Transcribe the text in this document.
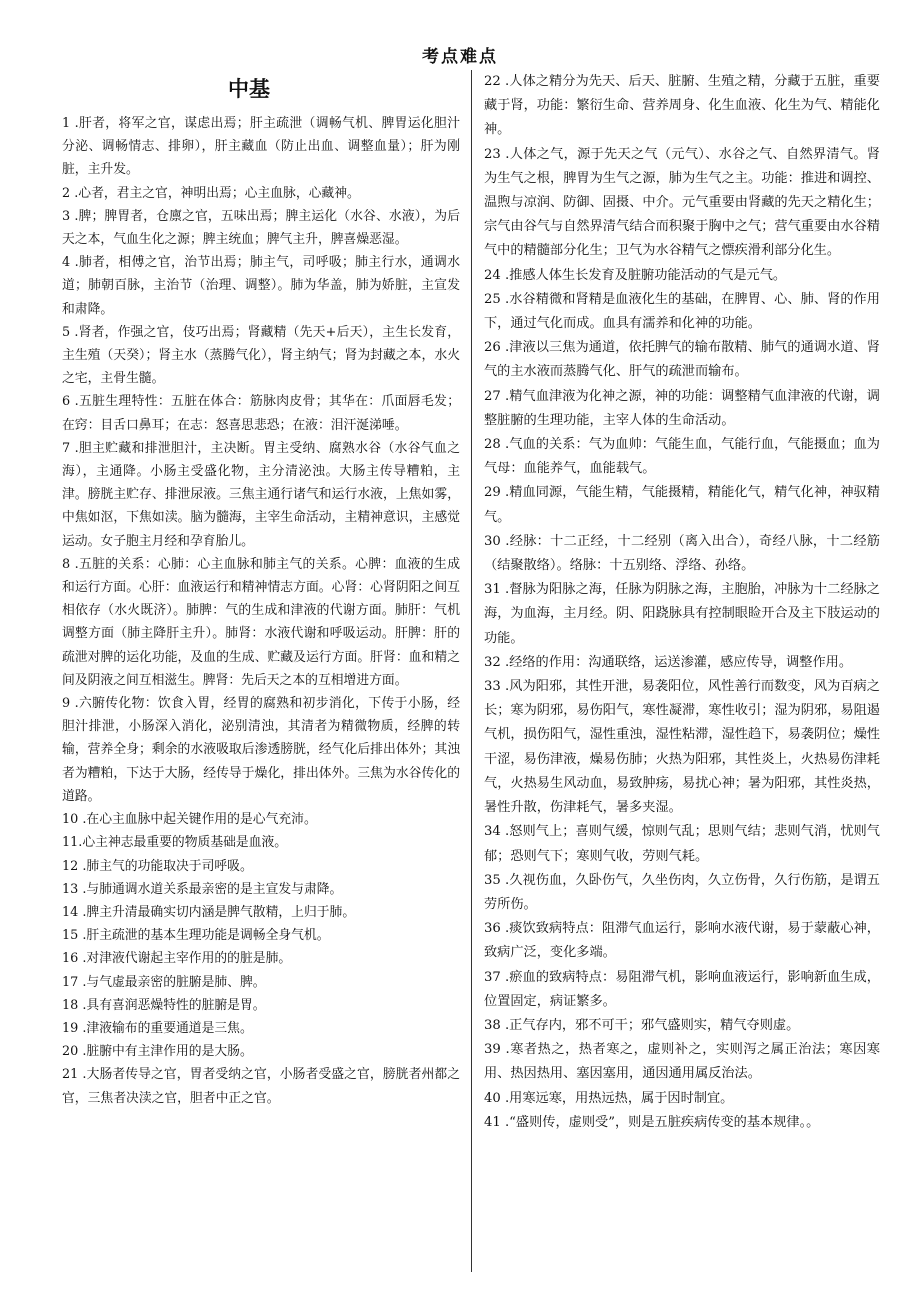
考点难点
中基
1 .肝者，将军之官，谋虑出焉；肝主疏泄（调畅气机、脾胃运化胆汁分泌、调畅情志、排卵），肝主藏血（防止出血、调整血量）；肝为刚脏，主升发。
2 .心者，君主之官，神明出焉；心主血脉，心藏神。
3 .脾；脾胃者，仓廪之官，五味出焉；脾主运化（水谷、水液），为后天之本，气血生化之源；脾主统血；脾气主升，脾喜燥恶湿。
4 .肺者，相傅之官，治节出焉；肺主气，司呼吸；肺主行水，通调水道；肺朝百脉，主治节（治理、调整）。肺为华盖，肺为娇脏，主宣发和肃降。
5 .肾者，作强之官，伎巧出焉；肾藏精（先天+后天），主生长发育，主生殖（天癸）；肾主水（蒸腾气化），肾主纳气；肾为封藏之本，水火之宅，主骨生髓。
6 .五脏生理特性：五脏在体合：筋脉肉皮骨；其华在：爪面唇毛发；在窍：目舌口鼻耳；在志：怒喜思悲恐；在液：泪汗涎涕唾。
7 .胆主贮藏和排泄胆汁，主决断。胃主受纳、腐熟水谷（水谷气血之海），主通降。小肠主受盛化物，主分清泌浊。大肠主传导糟粕，主津。膀胱主贮存、排泄尿液。三焦主通行诸气和运行水液，上焦如雾，中焦如沤，下焦如渎。脑为髓海，主宰生命活动，主精神意识，主感觉运动。女子胞主月经和孕育胎儿。
8 .五脏的关系：心肺：心主血脉和肺主气的关系。心脾：血液的生成和运行方面。心肝：血液运行和精神情志方面。心肾：心肾阴阳之间互相依存（水火既济）。肺脾：气的生成和津液的代谢方面。肺肝：气机调整方面（肺主降肝主升）。肺肾：水液代谢和呼吸运动。肝脾：肝的疏泄对脾的运化功能，及血的生成、贮藏及运行方面。肝肾：血和精之间及阴液之间互相滋生。脾肾：先后天之本的互相增进方面。
9 .六腑传化物：饮食入胃，经胃的腐熟和初步消化，下传于小肠，经胆汁排泄，小肠深入消化，泌别清浊，其清者为精微物质，经脾的转输，营养全身；剩余的水液吸取后渗透膀胱，经气化后排出体外；其浊者为糟粕，下达于大肠，经传导于燥化，排出体外。三焦为水谷传化的道路。
10 .在心主血脉中起关键作用的是心气充沛。
11.心主神志最重要的物质基础是血液。
12 .肺主气的功能取决于司呼吸。
13 .与肺通调水道关系最亲密的是主宣发与肃降。
14 .脾主升清最确实切内涵是脾气散精，上归于肺。
15 .肝主疏泄的基本生理功能是调畅全身气机。
16 .对津液代谢起主宰作用的的脏是肺。
17 .与气虚最亲密的脏腑是肺、脾。
18 .具有喜润恶燥特性的脏腑是胃。
19 .津液输布的重要通道是三焦。
20 .脏腑中有主津作用的是大肠。
21 .大肠者传导之官，胃者受纳之官，小肠者受盛之官，膀胱者州都之官，三焦者决渎之官，胆者中正之官。
22 .人体之精分为先天、后天、脏腑、生殖之精，分藏于五脏，重要藏于肾，功能：繁衍生命、营养周身、化生血液、化生为气、精能化神。
23 .人体之气，源于先天之气（元气）、水谷之气、自然界清气。肾为生气之根，脾胃为生气之源，肺为生气之主。功能：推进和调控、温煦与凉润、防御、固摄、中介。元气重要由肾藏的先天之精化生；宗气由谷气与自然界清气结合而积聚于胸中之气；营气重要由水谷精气中的精髓部分化生；卫气为水谷精气之慓疾滑利部分化生。
24 .推感人体生长发育及脏腑功能活动的气是元气。
25 .水谷精微和肾精是血液化生的基础，在脾胃、心、肺、肾的作用下，通过气化而成。血具有濡养和化神的功能。
26 .津液以三焦为通道，依托脾气的输布散精、肺气的通调水道、肾气的主水液而蒸腾气化、肝气的疏泄而输布。
27 .精气血津液为化神之源，神的功能：调整精气血津液的代谢，调整脏腑的生理功能，主宰人体的生命活动。
28 .气血的关系：气为血帅：气能生血，气能行血，气能摄血；血为气母：血能养气，血能载气。
29 .精血同源，气能生精，气能摄精，精能化气，精气化神，神驭精气。
30 .经脉：十二正经，十二经别（离入出合），奇经八脉，十二经筋（结聚散络）。络脉：十五别络、浮络、孙络。
31 .督脉为阳脉之海，任脉为阴脉之海，主胞胎，冲脉为十二经脉之海，为血海，主月经。阴、阳跷脉具有控制眼睑开合及主下肢运动的功能。
32 .经络的作用：沟通联络，运送渗灌，感应传导，调整作用。
33 .风为阳邪，其性开泄，易袭阳位，风性善行而数变，风为百病之长；寒为阴邪，易伤阳气，寒性凝滞，寒性收引；湿为阴邪，易阻遏气机，损伤阳气，湿性重浊，湿性粘滞，湿性趋下，易袭阴位；燥性干涩，易伤津液，燥易伤肺；火热为阳邪，其性炎上，火热易伤津耗气，火热易生风动血，易致肿疡，易扰心神；暑为阳邪，其性炎热，暑性升散，伤津耗气，暑多夹湿。
34 .怒则气上；喜则气缓，惊则气乱；思则气结；悲则气消，忧则气郁；恐则气下；寒则气收，劳则气耗。
35 .久视伤血，久卧伤气，久坐伤肉，久立伤骨，久行伤筋，是谓五劳所伤。
36 .痰饮致病特点：阻滞气血运行，影响水液代谢，易于蒙蔽心神，致病广泛，变化多端。
37 .瘀血的致病特点：易阻滞气机，影响血液运行，影响新血生成，位置固定，病证繁多。
38 .正气存内，邪不可干；邪气盛则实，精气夺则虚。
39 .寒者热之，热者寒之，虚则补之，实则泻之属正治法；寒因寒用、热因热用、塞因塞用，通因通用属反治法。
40 .用寒远寒，用热远热，属于因时制宜。
41 .“盛则传，虚则受”，则是五脏疾病传变的基本规律。。
